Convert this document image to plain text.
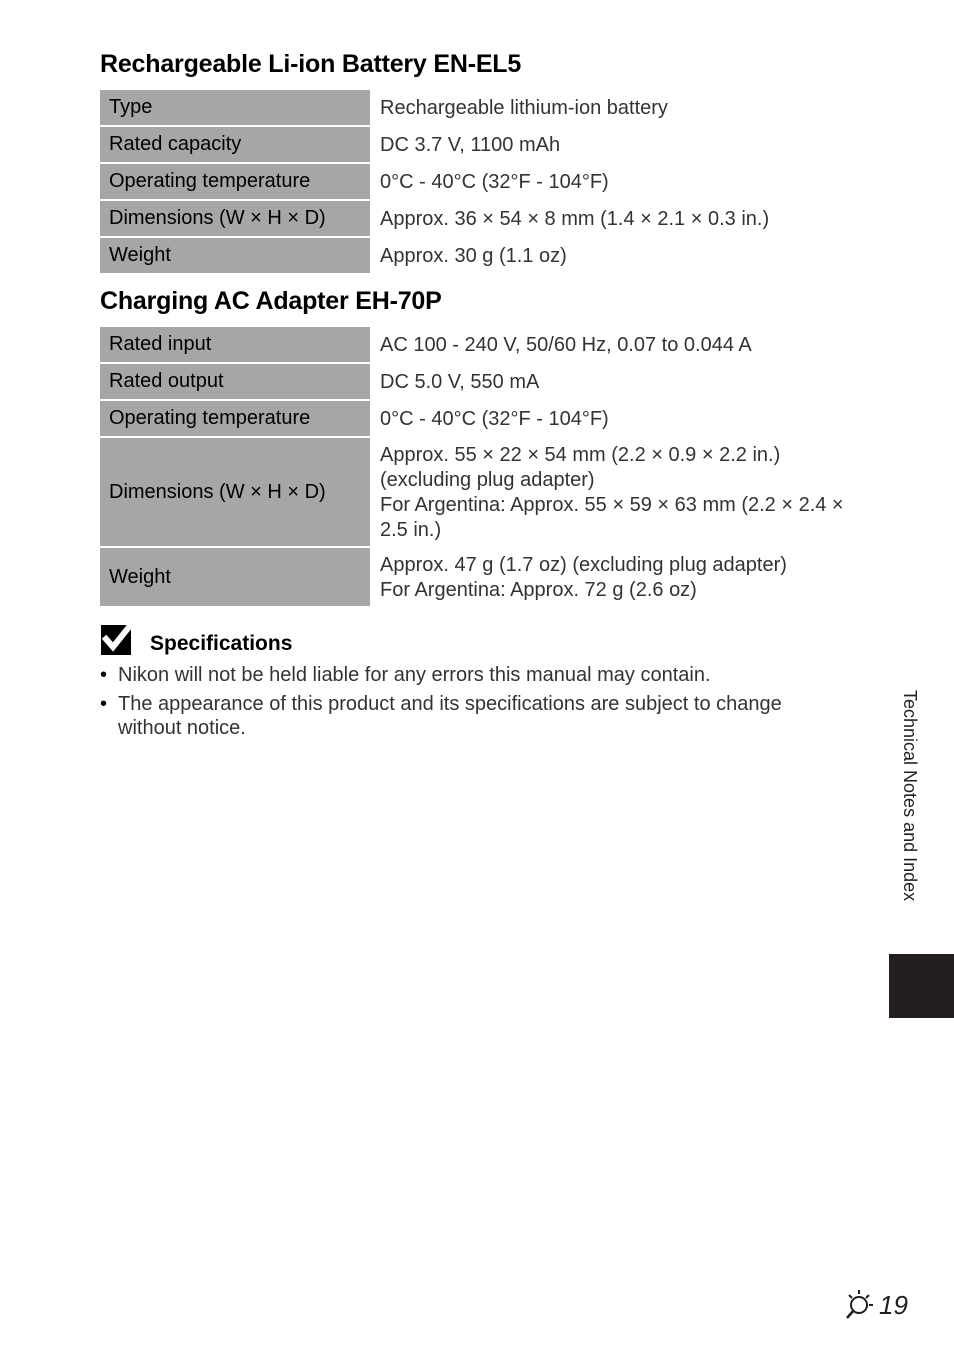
Rechargeable Li-ion Battery EN-EL5
Type	Rechargeable lithium-ion battery

Rated capacity	DC 3.7 V, 1100 mAh

Operating temperature	0°C - 40°C (32°F - 104°F)

Dimensions (W × H × D)	Approx. 36 × 54 × 8 mm (1.4 × 2.1 × 0.3 in.)

Weight	Approx. 30 g (1.1 oz)
Charging AC Adapter EH-70P
Rated input	AC 100 - 240 V, 50/60 Hz, 0.07 to 0.044 A

Rated output	DC 5.0 V, 550 mA

Operating temperature	0°C - 40°C (32°F - 104°F)

Dimensions (W × H × D)	Approx. 55 × 22 × 54 mm (2.2 × 0.9 × 2.2 in.)
(excluding plug adapter)
For Argentina: Approx. 55 × 59 × 63 mm (2.2 × 2.4 ×
2.5 in.)

Weight	Approx. 47 g (1.7 oz) (excluding plug adapter)
For Argentina: Approx. 72 g (2.6 oz)
Specifications
• Nikon will not be held liable for any errors this manual may contain.
• The appearance of this product and its specifications are subject to change without notice.	Technical Notes and Index
19
